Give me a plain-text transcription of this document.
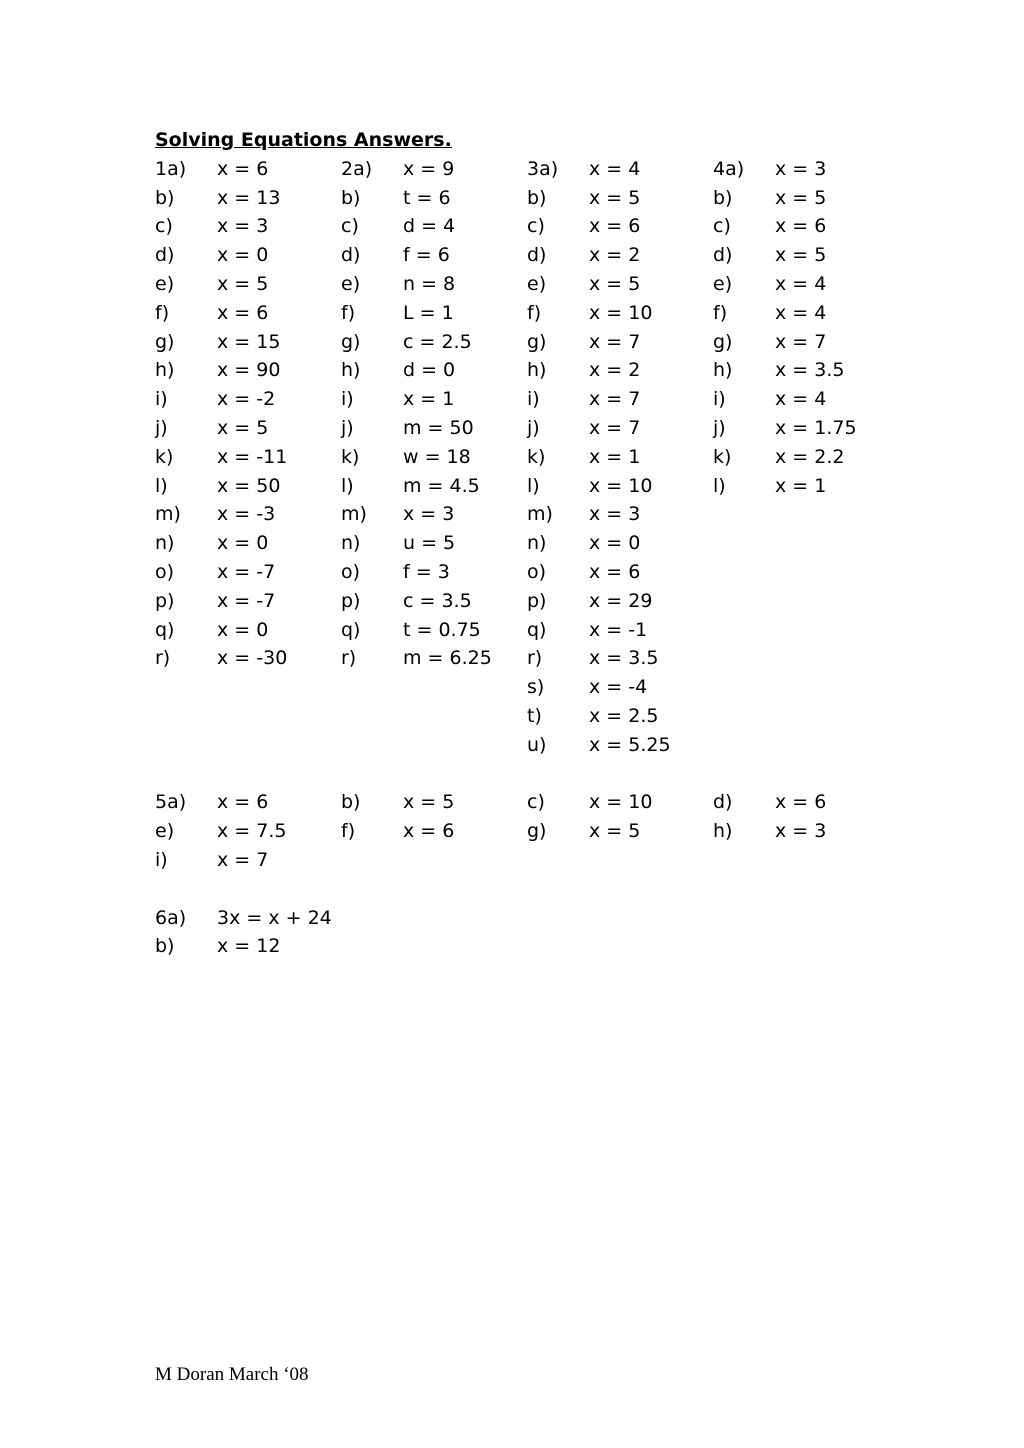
Solving Equations Answers.
1a) x = 6	2a) x = 9	3a) x = 4	4a) x = 3
b) x = 13	b) t = 6	b) x = 5	b) x = 5
c) x = 3	c) d = 4	c) x = 6	c) x = 6
d) x = 0	d) f = 6	d) x = 2	d) x = 5
e) x = 5	e) n = 8	e) x = 5	e) x = 4
f)	x = 6	f)	L = 1	f)	x = 10	f)	x = 4
g) x = 15	g) c = 2.5	g) x = 7	g) x = 7
h) x = 90	h) d = 0	h) x = 2	h) x = 3.5
i)	x = -2	i)	x = 1	i)	x = 7	i)	x = 4
j)	x = 5	j)	m = 50	j)	x = 7	j)	x = 1.75
k) x = -11	k) w = 18	k) x = 1	k) x = 2.2
l)	x = 50	l)	m = 4.5 l)	x = 10	l)	x = 1
m) x = -3	m) x = 3	m) x = 3
n) x = 0	n) u = 5	n) x = 0
o) x = -7	o) f = 3	o) x = 6
p) x = -7	p) c = 3.5	p) x = 29
q) x = 0	q) t = 0.75 q) x = -1
r) x = -30	r) m = 6.25 r) x = 3.5
s) x = -4
t) x = 2.5
u) x = 5.25
5a) x = 6	b) x = 5	c) x = 10	d) x = 6
e) x = 7.5	f)	x = 6	g) x = 5	h) x = 3
i)	x = 7
6a) 3x = x + 24
b) x = 12
M Doran March ‘08
